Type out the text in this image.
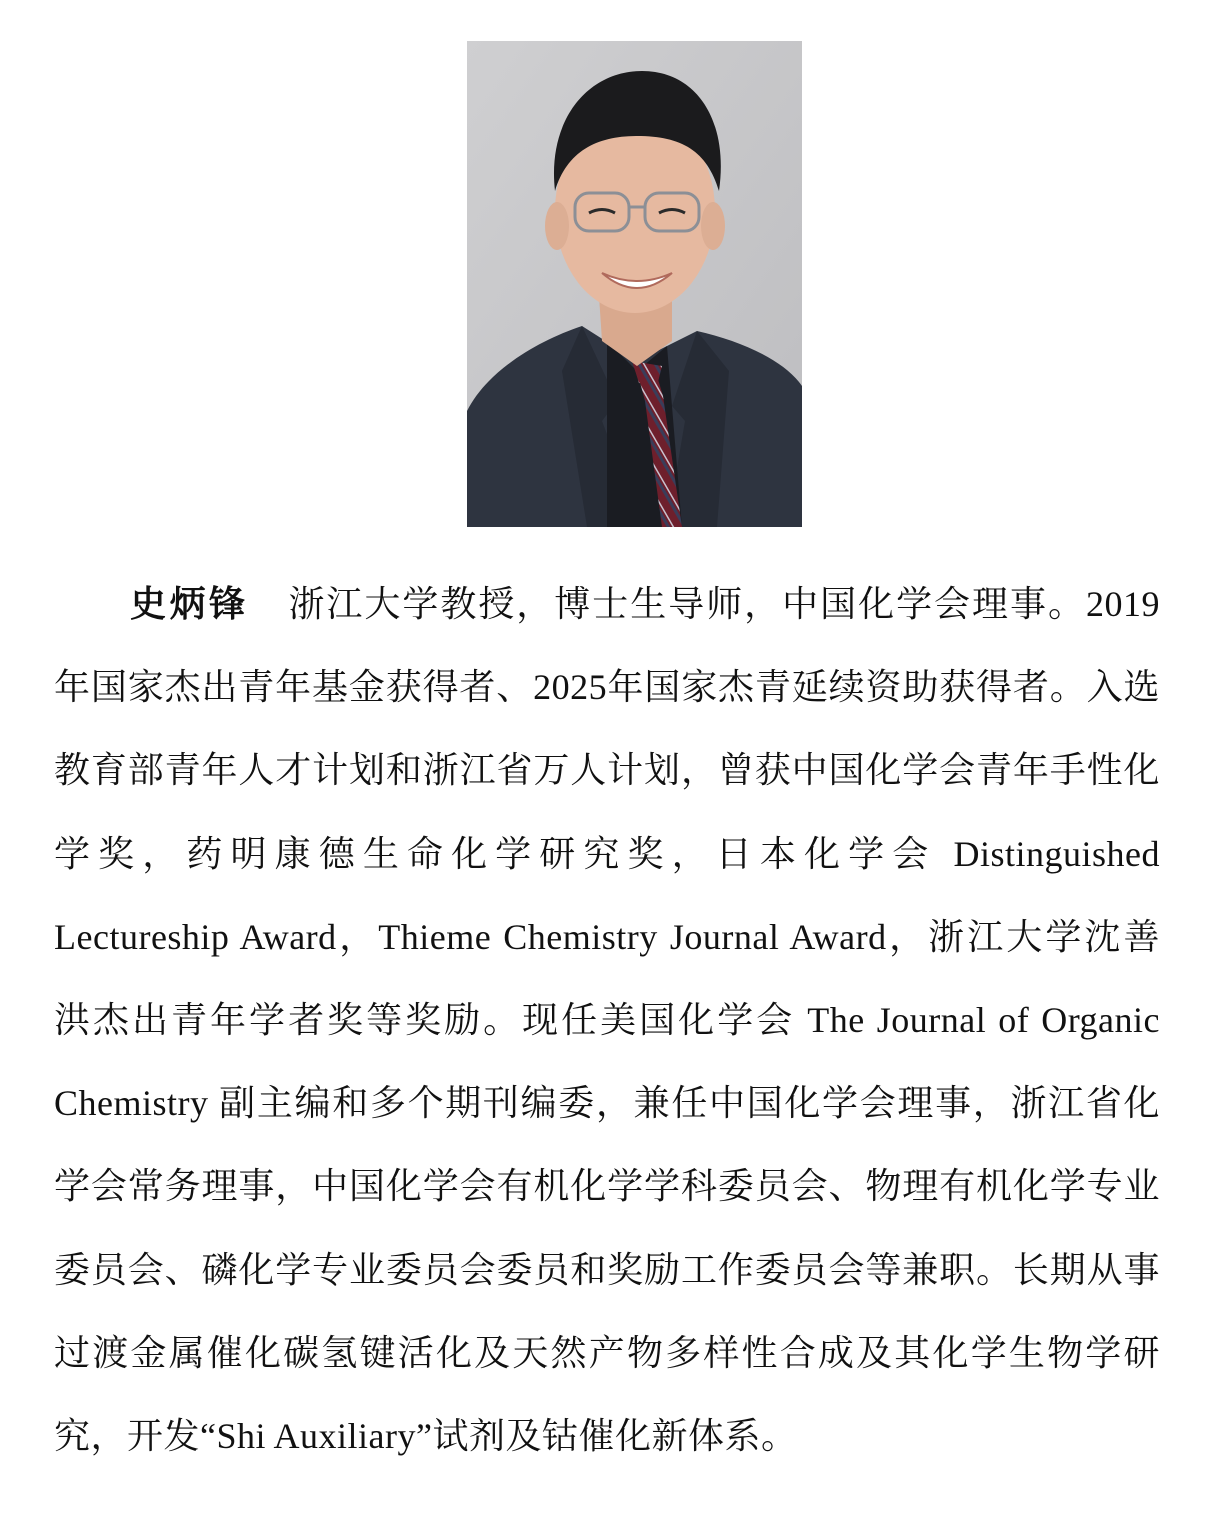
史炳锋 浙江大学教授，博士生导师，中国化学会理事。2019年国家杰出青年基金获得者、2025年国家杰青延续资助获得者。入选教育部青年人才计划和浙江省万人计划，曾获中国化学会青年手性化学奖，药明康德生命化学研究奖，日本化学会 Distinguished Lectureship Award，Thieme Chemistry Journal Award，浙江大学沈善洪杰出青年学者奖等奖励。现任美国化学会 The Journal of Organic Chemistry 副主编和多个期刊编委，兼任中国化学会理事，浙江省化学会常务理事，中国化学会有机化学学科委员会、物理有机化学专业委员会、磷化学专业委员会委员和奖励工作委员会等兼职。长期从事过渡金属催化碳氢键活化及天然产物多样性合成及其化学生物学研究，开发“Shi Auxiliary”试剂及钴催化新体系。
